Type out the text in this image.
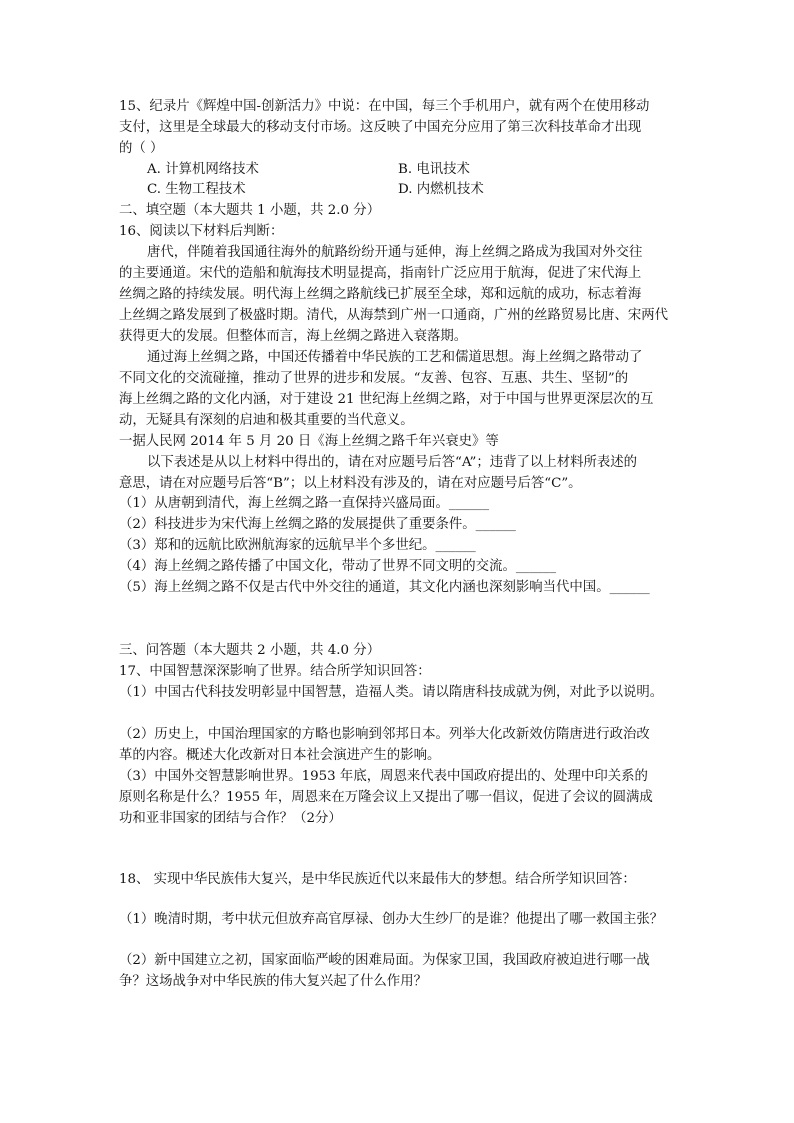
15、纪录片《辉煌中国-创新活力》中说：在中国，每三个手机用户，就有两个在使用移动
支付，这里是全球最大的移动支付市场。这反映了中国充分应用了第三次科技革命才出现
的（ ）
A. 计算机网络技术	B. 电讯技术
C. 生物工程技术	D. 内燃机技术
二、填空题（本大题共 1 小题，共 2.0 分）
16、阅读以下材料后判断：
唐代，伴随着我国通往海外的航路纷纷开通与延伸，海上丝绸之路成为我国对外交往
的主要通道。宋代的造船和航海技术明显提高，指南针广泛应用于航海，促进了宋代海上
丝绸之路的持续发展。明代海上丝绸之路航线已扩展至全球，郑和远航的成功，标志着海
上丝绸之路发展到了极盛时期。清代，从海禁到广州一口通商，广州的丝路贸易比唐、宋两代
获得更大的发展。但整体而言，海上丝绸之路进入衰落期。
通过海上丝绸之路，中国还传播着中华民族的工艺和儒道思想。海上丝绸之路带动了
不同文化的交流碰撞，推动了世界的进步和发展。“友善、包容、互惠、共生、坚韧”的
海上丝绸之路的文化内涵，对于建设 21 世纪海上丝绸之路，对于中国与世界更深层次的互
动，无疑具有深刻的启迪和极其重要的当代意义。
一据人民网 2014 年 5 月 20 日《海上丝绸之路千年兴衰史》等
以下表述是从以上材料中得出的，请在对应题号后答“A”；违背了以上材料所表述的
意思，请在对应题号后答“B”；以上材料没有涉及的，请在对应题号后答“C”。
（1）从唐朝到清代，海上丝绸之路一直保持兴盛局面。______
（2）科技进步为宋代海上丝绸之路的发展提供了重要条件。______
（3）郑和的远航比欧洲航海家的远航早半个多世纪。______
（4）海上丝绸之路传播了中国文化，带动了世界不同文明的交流。______
（5）海上丝绸之路不仅是古代中外交往的通道，其文化内涵也深刻影响当代中国。______
三、问答题（本大题共 2 小题，共 4.0 分）
17、中国智慧深深影响了世界。结合所学知识回答：
（1）中国古代科技发明彰显中国智慧，造福人类。请以隋唐科技成就为例，对此予以说明。
（2）历史上，中国治理国家的方略也影响到邻邦日本。列举大化改新效仿隋唐进行政治改
革的内容。概述大化改新对日本社会演进产生的影响。
（3）中国外交智慧影响世界。1953 年底，周恩来代表中国政府提出的、处理中印关系的
原则名称是什么？1955 年，周恩来在万隆会议上又提出了哪一倡议，促进了会议的圆满成
功和亚非国家的团结与合作？（2分）
18、 实现中华民族伟大复兴，是中华民族近代以来最伟大的梦想。结合所学知识回答：
（1）晚清时期，考中状元但放弃高官厚禄、创办大生纱厂的是谁？他提出了哪一救国主张？
（2）新中国建立之初，国家面临严峻的困难局面。为保家卫国，我国政府被迫进行哪一战
争？这场战争对中华民族的伟大复兴起了什么作用？
